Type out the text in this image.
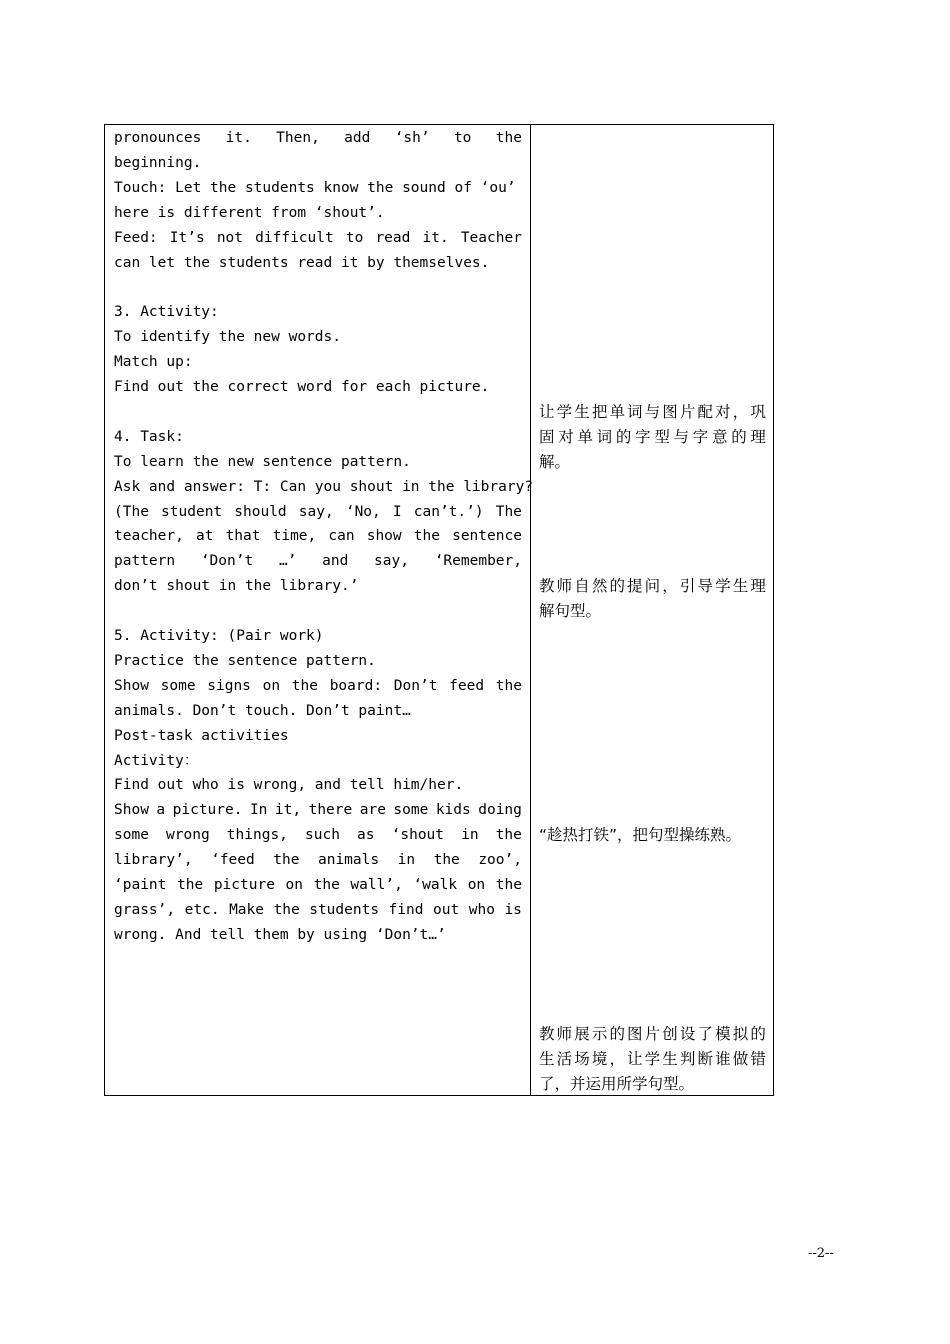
pronounces it. Then, add ‘sh’ to the
beginning.
Touch: Let the students know the sound of ‘ou’
here is different from ‘shout’.
Feed: It’s not difficult to read it. Teacher
can let the students read it by themselves.
3. Activity:
To identify the new words.
Match up:
Find out the correct word for each picture.
4. Task:
To learn the new sentence pattern.
Ask and answer: T: Can you shout in the library?
(The student should say, ‘No, I can’t.’) The
teacher, at that time, can show the sentence
pattern ‘Don’t …’ and say, ‘Remember,
don’t shout in the library.’
5. Activity: (Pair work)
Practice the sentence pattern.
Show some signs on the board: Don’t feed the
animals. Don’t touch. Don’t paint…
Post-task activities
Activity：
Find out who is wrong, and tell him/her.
Show a picture. In it, there are some kids doing
some wrong things, such as ‘shout in the
library’, ‘feed the animals in the zoo’,
‘paint the picture on the wall’, ‘walk on the
grass’, etc. Make the students find out who is
wrong. And tell them by using ‘Don’t…’
让 学 生 把 单 词 与 图 片 配 对 ， 巩
固 对 单 词 的 字 型 与 字 意 的 理
解。
教 师 自 然 的 提 问 ， 引 导 学 生 理
解句型。
“趁热打铁”，把句型操练熟。
教 师 展 示 的 图 片 创 设 了 模 拟 的
生 活 场 境 ， 让 学 生 判 断 谁 做 错
了，并运用所学句型。
--2--
